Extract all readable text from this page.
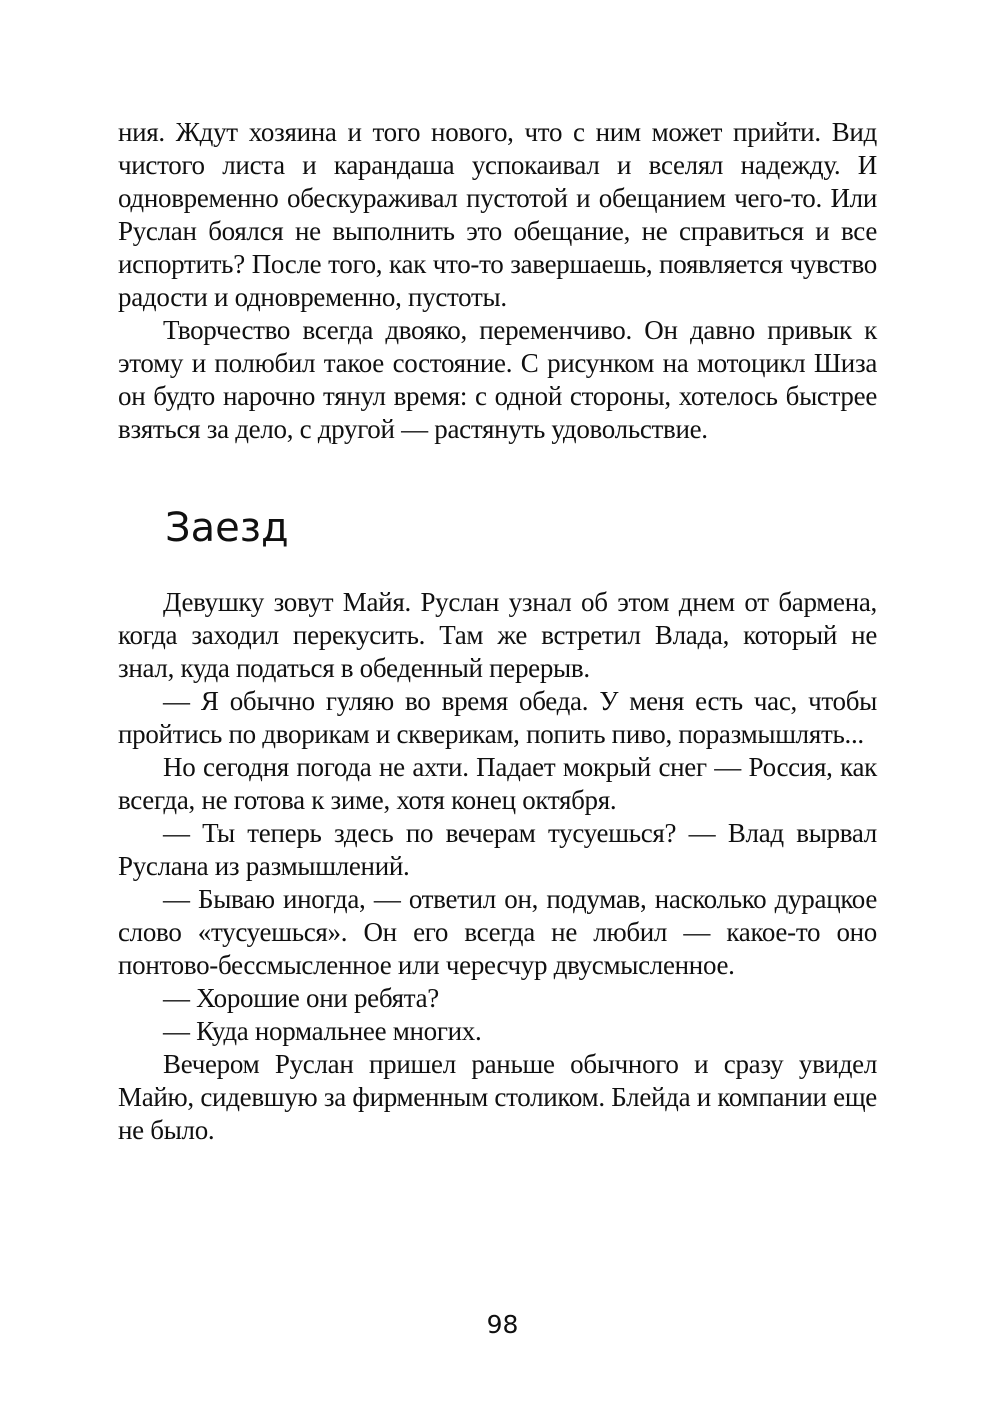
ния. Ждут хозяина и того нового, что с ним может прийти. Вид чистого листа и карандаша успокаивал и вселял надежду. И одновременно обескураживал пустотой и обещанием чего-то. Или Руслан боялся не выполнить это обещание, не справиться и все испортить? После того, как что-то завершаешь, появляется чувство радости и одновременно, пустоты.

Творчество всегда двояко, переменчиво. Он давно привык к этому и полюбил такое состояние. С рисунком на мотоцикл Шиза он будто нарочно тянул время: с одной стороны, хотелось быстрее взяться за дело, с другой — растянуть удовольствие.

Заезд

Девушку зовут Майя. Руслан узнал об этом днем от бармена, когда заходил перекусить. Там же встретил Влада, который не знал, куда податься в обеденный перерыв.

— Я обычно гуляю во время обеда. У меня есть час, чтобы пройтись по дворикам и скверикам, попить пиво, поразмышлять...

Но сегодня погода не ахти. Падает мокрый снег — Россия, как всегда, не готова к зиме, хотя конец октября.

— Ты теперь здесь по вечерам тусуешься? — Влад вырвал Руслана из размышлений.

— Бываю иногда, — ответил он, подумав, насколько дурацкое слово «тусуешься». Он его всегда не любил — какое-то оно понтово-бессмысленное или чересчур двусмысленное.

— Хорошие они ребята?

— Куда нормальнее многих.

Вечером Руслан пришел раньше обычного и сразу увидел Майю, сидевшую за фирменным столиком. Блейда и компании еще не было.

98
